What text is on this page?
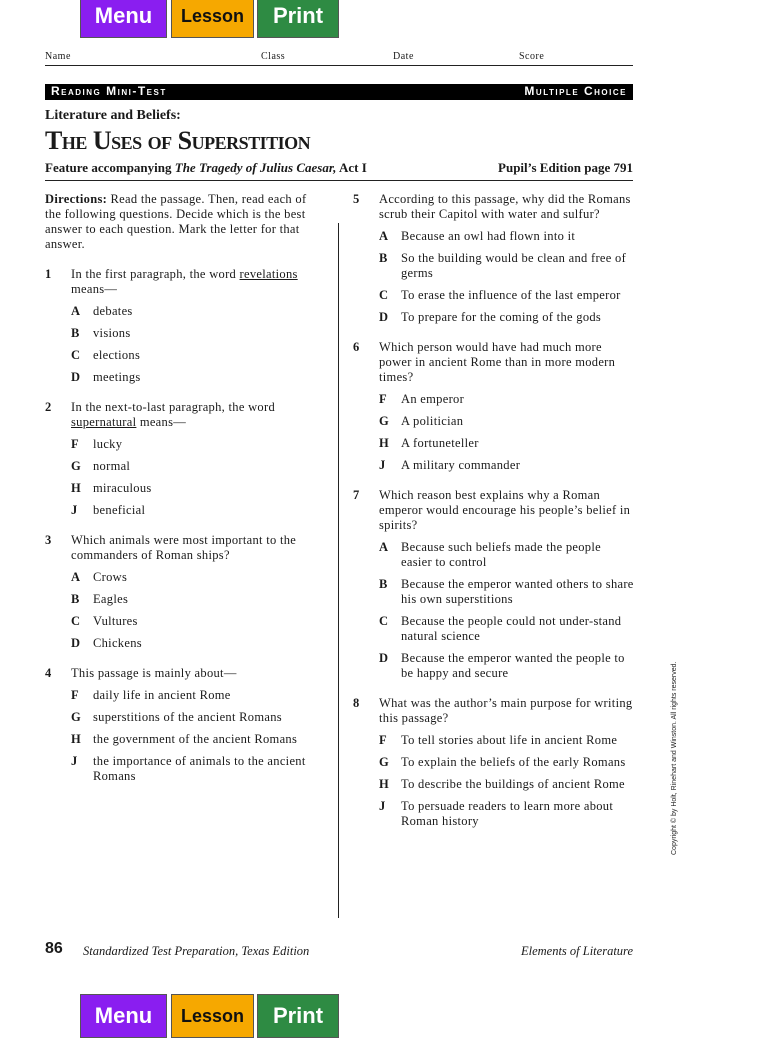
Menu	Lesson	Print
Name	Class	Date	Score
Reading Mini-Test	Multiple Choice
Literature and Beliefs:
The Uses of Superstition
Feature accompanying The Tragedy of Julius Caesar, Act I	Pupil’s Edition page 791
Directions: Read the passage. Then, read each of the following questions. Decide which is the best answer to each question. Mark the letter for that answer.
1	In the first paragraph, the word revelations means—
A	debates
B	visions
C	elections
D	meetings
2	In the next-to-last paragraph, the word supernatural means—
F	lucky
G normal
H miraculous
J	beneficial
3	Which animals were most important to the commanders of Roman ships?
A	Crows
B	Eagles
C	Vultures
D	Chickens
4	This passage is mainly about—
F	daily life in ancient Rome
G superstitions of the ancient Romans
H the government of the ancient Romans
J	the importance of animals to the ancient Romans
5	According to this passage, why did the Romans scrub their Capitol with water and sulfur?
A	Because an owl had flown into it
B	So the building would be clean and free of germs
C	To erase the influence of the last emperor
D	To prepare for the coming of the gods
6	Which person would have had much more power in ancient Rome than in more modern times?
F	An emperor
G A politician
H A fortuneteller
J	A military commander
7	Which reason best explains why a Roman emperor would encourage his people’s belief in spirits?
A	Because such beliefs made the people easier to control
B	Because the emperor wanted others to share his own superstitions
C	Because the people could not under-stand natural science
D	Because the emperor wanted the people to be happy and secure
8	What was the author’s main purpose for writing this passage?
F	To tell stories about life in ancient Rome
G To explain the beliefs of the early Romans
H To describe the buildings of ancient Rome
J	To persuade readers to learn more about Roman history
86 Standardized Test Preparation, Texas Edition	Elements of Literature
Copyright © by Holt, Rinehart and Winston. All rights reserved.
Menu	Lesson	Print
